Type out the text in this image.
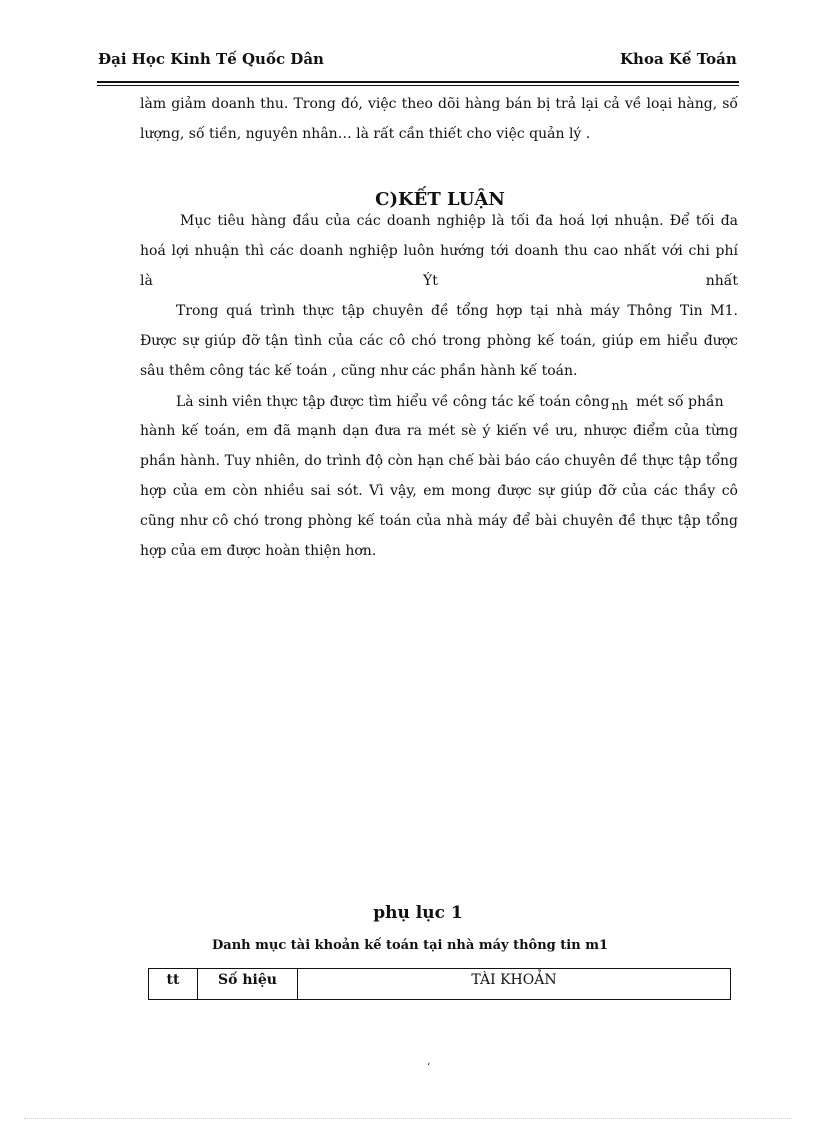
Đại Học Kinh Tế Quốc Dân	Khoa Kế Toán
làm giảm doanh thu. Trong đó, việc theo dõi hàng bán bị trả lại cả về loại hàng, số
lượng, số tiền, nguyên nhân… là rất cần thiết cho việc quản lý .
C)KẾT LUẬN
Mục tiêu hàng đầu của các doanh nghiệp là tối đa hoá lợi nhuận. Để tối đa
hoá lợi nhuận thì các doanh nghiệp luôn hướng tới doanh thu cao nhất với chi phí
là	Ýt	nhất
Trong quá trình thực tập chuyên đề tổng hợp tại nhà máy Thông Tin M1.
Được sự giúp đỡ tận tình của các cô chó trong phòng kế toán, giúp em hiểu được
sâu thêm công tác kế toán , cũng như các phần hành kế toán.
Là sinh viên thực tập được tìm hiểu về công tác kế toán công nh mét số phần
hành kế toán, em đã mạnh dạn đưa ra mét sè ý kiến về ưu, nhược điểm của từng
phần hành. Tuy nhiên, do trình độ còn hạn chế bài báo cáo chuyên đề thực tập tổng
hợp của em còn nhiều sai sót. Vì vậy, em mong được sự giúp đỡ của các thầy cô
cũng như cô chó trong phòng kế toán của nhà máy để bài chuyên đề thực tập tổng
hợp của em được hoàn thiện hơn.
phụ lục 1
Danh mục tài khoản kế toán tại nhà máy thông tin m1
tt	Số hiệu	TÀI KHOẢN
‘
